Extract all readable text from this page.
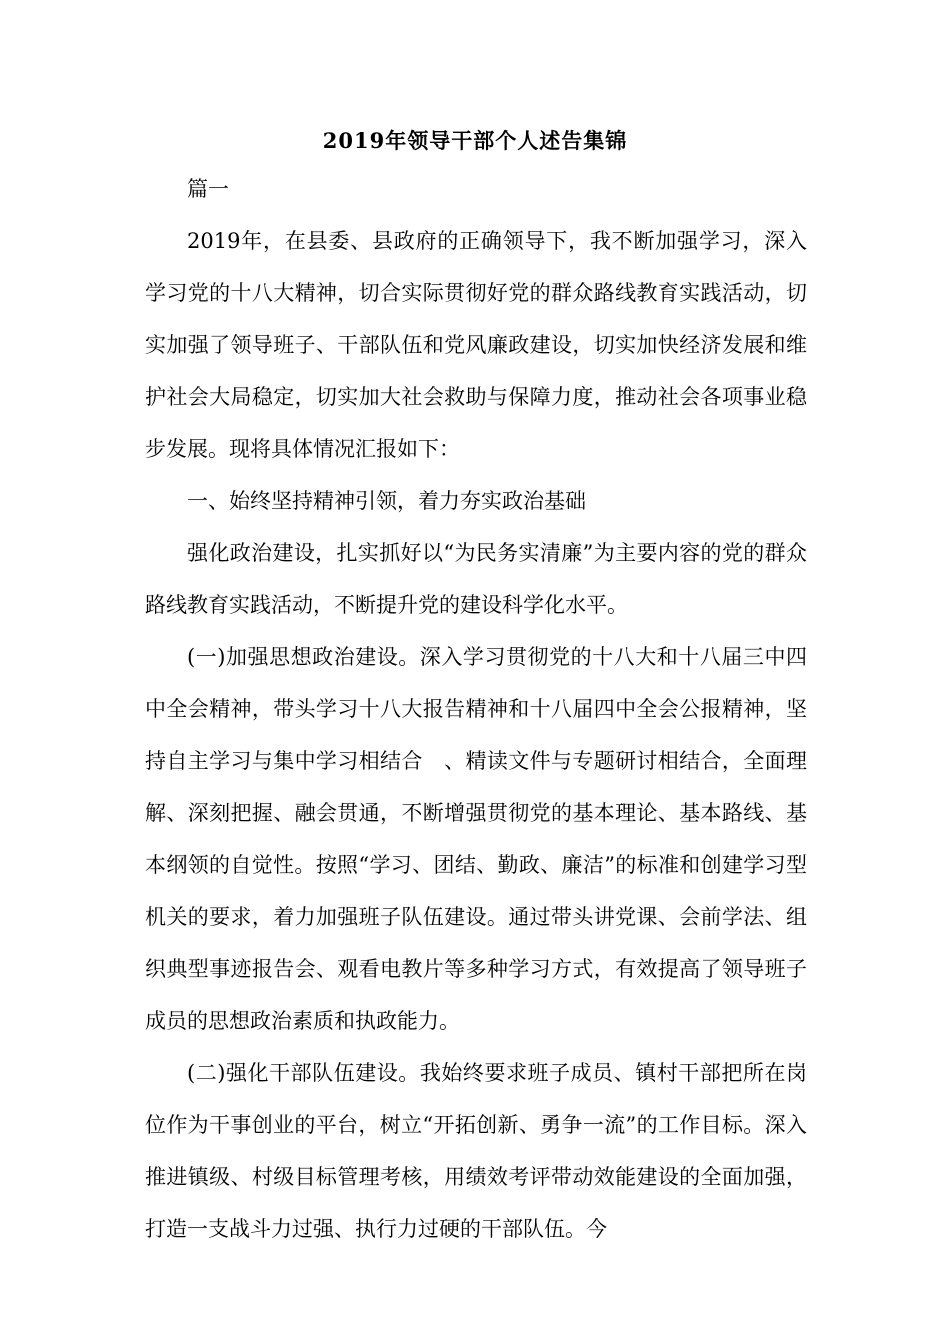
2019年领导干部个人述告集锦

篇一

2019年，在县委、县政府的正确领导下，我不断加强学习，深入学习党的十八大精神，切合实际贯彻好党的群众路线教育实践活动，切实加强了领导班子、干部队伍和党风廉政建设，切实加快经济发展和维护社会大局稳定，切实加大社会救助与保障力度，推动社会各项事业稳步发展。现将具体情况汇报如下：

一、始终坚持精神引领，着力夯实政治基础

强化政治建设，扎实抓好以“为民务实清廉”为主要内容的党的群众路线教育实践活动，不断提升党的建设科学化水平。

(一)加强思想政治建设。深入学习贯彻党的十八大和十八届三中四中全会精神，带头学习十八大报告精神和十八届四中全会公报精神，坚持自主学习与集中学习相结合　、精读文件与专题研讨相结合，全面理解、深刻把握、融会贯通，不断增强贯彻党的基本理论、基本路线、基本纲领的自觉性。按照“学习、团结、勤政、廉洁”的标准和创建学习型机关的要求，着力加强班子队伍建设。通过带头讲党课、会前学法、组织典型事迹报告会、观看电教片等多种学习方式，有效提高了领导班子成员的思想政治素质和执政能力。

(二)强化干部队伍建设。我始终要求班子成员、镇村干部把所在岗位作为干事创业的平台，树立“开拓创新、勇争一流”的工作目标。深入推进镇级、村级目标管理考核，用绩效考评带动效能建设的全面加强，打造一支战斗力过强、执行力过硬的干部队伍。今
